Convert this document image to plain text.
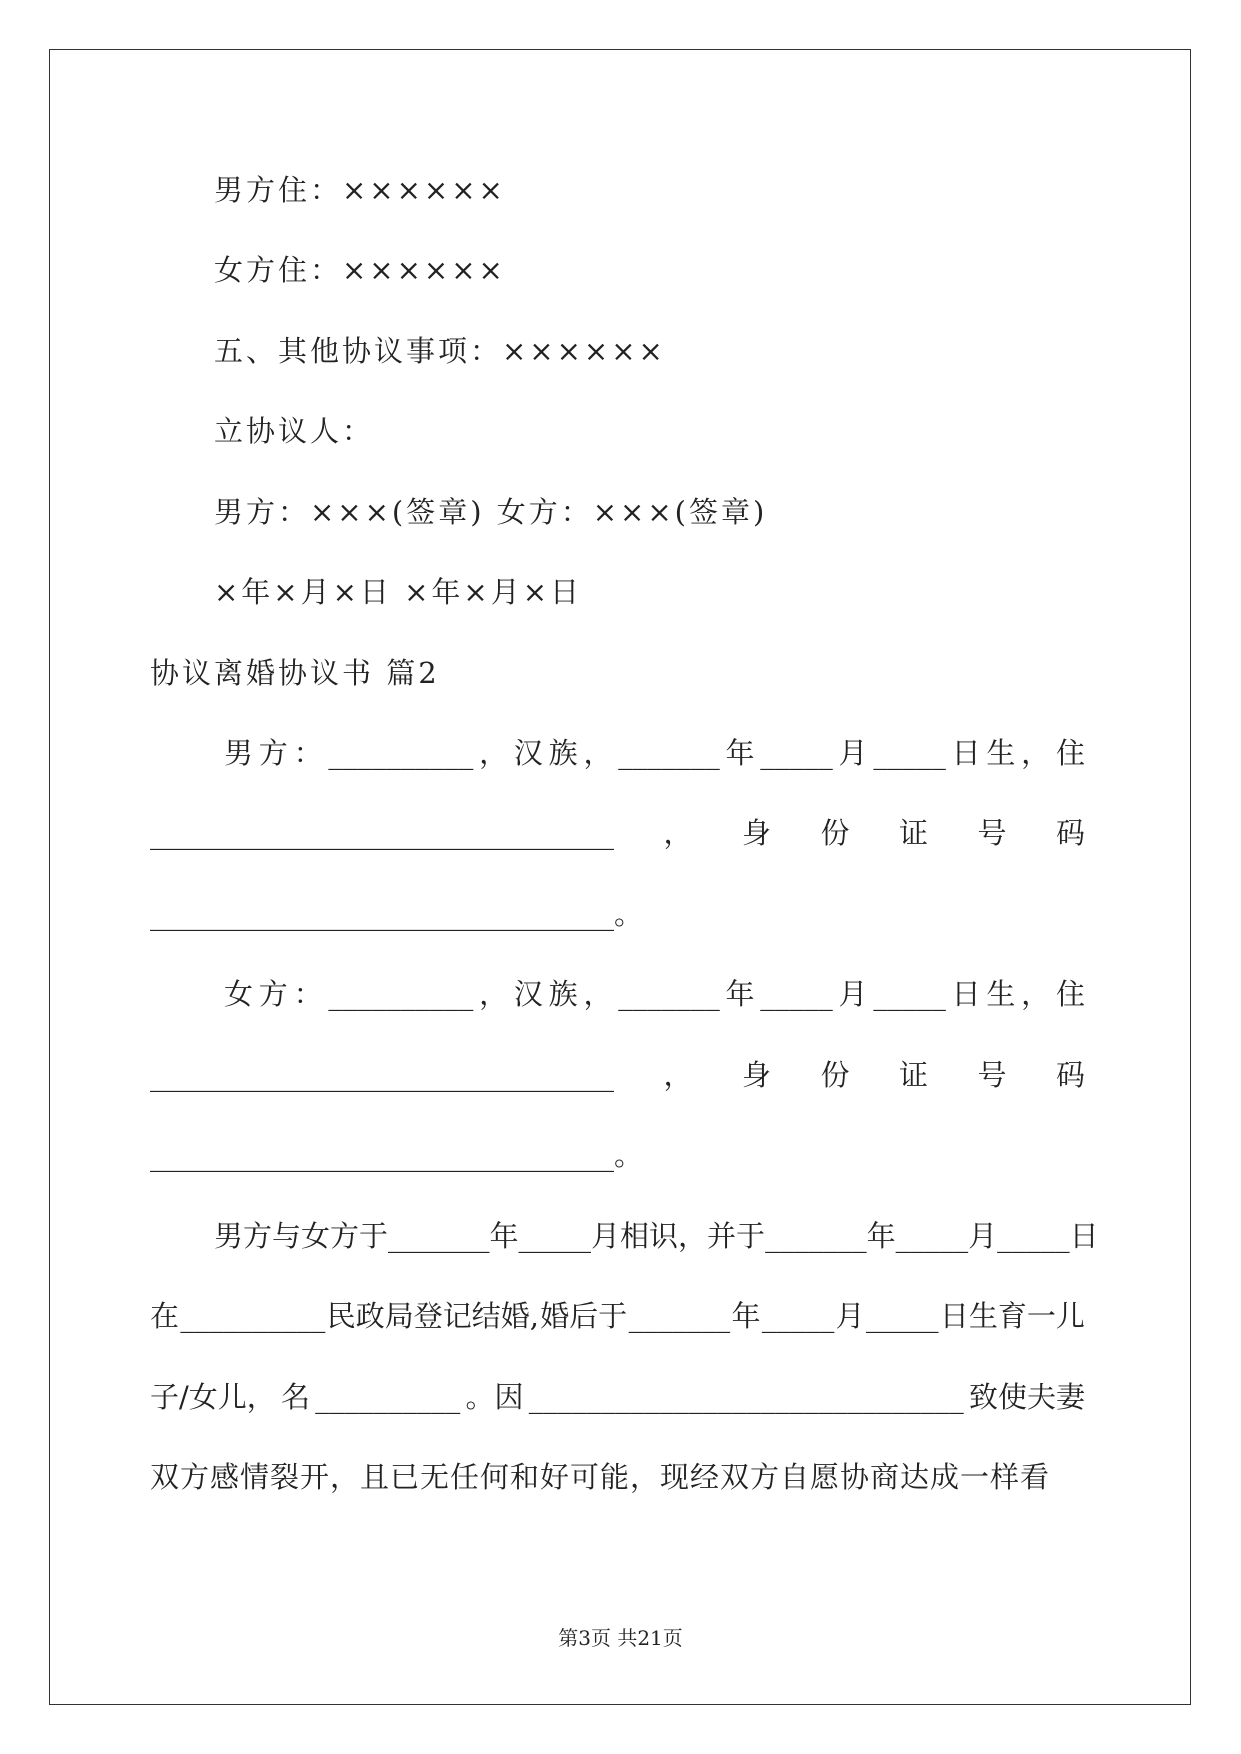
男方住：××××××
女方住：××××××
五、其他协议事项：××××××
立协议人：
男方：×××(签章) 女方：×××(签章)
×年×月×日 ×年×月×日
协议离婚协议书 篇2
男 方 ： __________ ， 汉 族 ， _______ 年 _____ 月 _____ 日 生 ， 住
________________________________ ， 身 份 证 号 码
________________________________。
女 方 ： __________ ， 汉 族 ， _______ 年 _____ 月 _____ 日 生 ， 住
________________________________ ， 身 份 证 号 码
________________________________。
男方与女方于 _______ 年 _____ 月相识， 并于 _______ 年 _____ 月 _____ 日
在 __________ 民政局登记结婚, 婚后于 _______ 年 _____ 月 _____ 日生育一儿
子/女儿， 名 __________ 。因 ______________________________ 致使夫妻
双方感情裂开，且已无任何和好可能，现经双方自愿协商达成一样看
第3页 共21页
